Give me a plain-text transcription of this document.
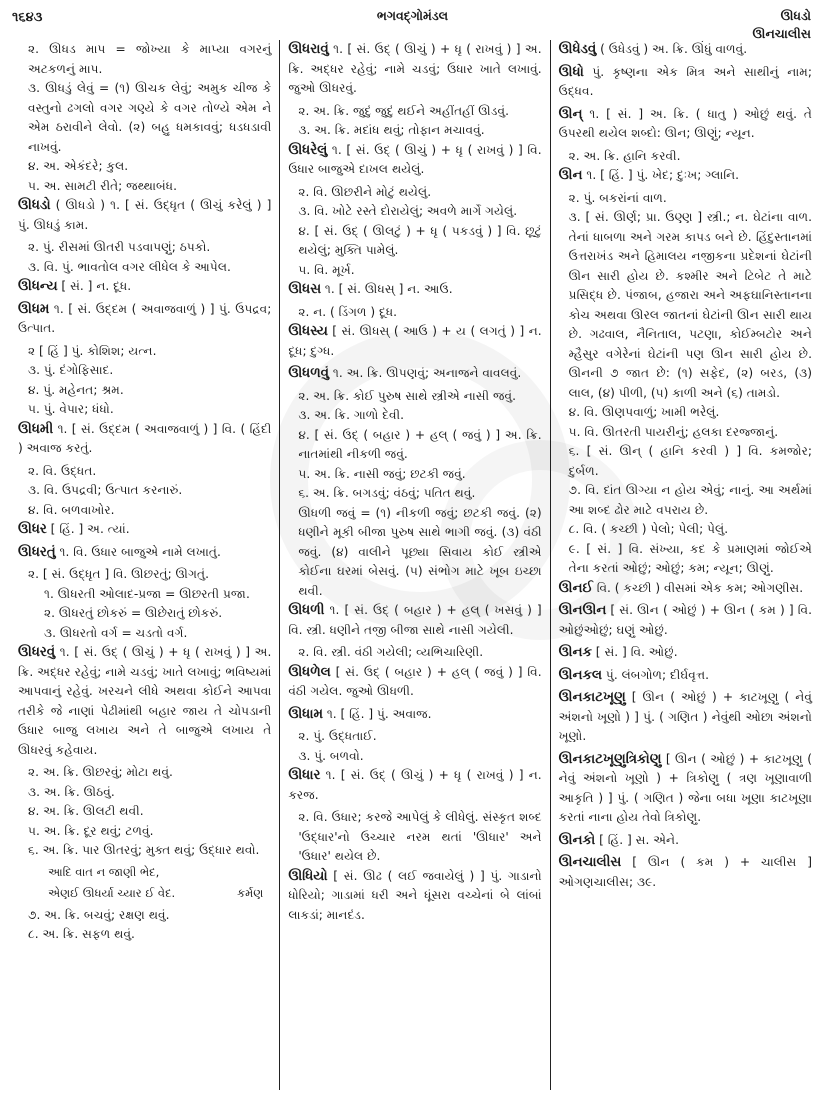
૧૬૪૩	ભગવદ્ગોમંડલ	ઊધડો
ઊનચાલીસ

૨. ઊધડ માપ = જોખ્યા કે માપ્યા વગરનું અટકળનું માપ.

૩. ઊધડું લેવું = (૧) ઊચક લેવું; અમુક ચીજ કે વસ્તુનો ઢગલો વગર ગણ્યે કે વગર તોળ્યે એમ ને એમ ઠરાવીને લેવો. (૨) બહુ ધમકાવવું; ધડધડાવી નાખવું.

૪. અ. એકંદરે; કુલ.

૫. અ. સામટી રીતે; જથ્થાબંધ.

ઊધડો ( ઊધડો ) ૧. [ સં. ઉદ્ધૃત ( ઊચું કરેલું ) ] પું. ઊધડું કામ.

૨. પું. રીસમાં ઊતરી પડવાપણું; ઠપકો.

૩. વિ. પું. ભાવતોલ વગર લીધેલ કે આપેલ.

ઊધન્ય [ સં. ] ન. દૂધ.

ઊધમ ૧. [ સં. ઉદ્દમ ( અવાજવાળું ) ] પું. ઉપદ્રવ; ઉત્પાત.

૨ [ હિં ] પું. કોશિશ; યત્ન.

૩. પું. દંગોફિસાદ.

૪. પું. મહેનત; શ્રમ.

૫. પું. વેપાર; ધંધો.

ઊધમી ૧. [ સં. ઉદ્દમ ( અવાજવાળું ) ] વિ. ( હિંદી ) અવાજ કરતું.

૨. વિ. ઉદ્ધત.

૩. વિ. ઉપદ્રવી; ઉત્પાત કરનારું.

૪. વિ. બળવાખોર.

ઊધર [ હિં. ] અ. ત્યાં.

ઊધરતું ૧. વિ. ઉધાર બાજુએ નામે લખાતું.

૨. [ સં. ઉદ્ધૃત ] વિ. ઊછરતું; ઊગતું.

૧. ઊધરતી ઓલાદ-પ્રજા = ઊછરતી પ્રજા.

૨. ઊધરતું છોકરું = ઊછેરાતું છોકરું.

૩. ઊધરતો વર્ગ = ચડતો વર્ગ.

ઊધરવું ૧. [ સં. ઉદ્ ( ઊચું ) + ધૃ ( રાખવું ) ] અ. ક્રિ. અદ્ધર રહેવું; નામે ચડવું; ખાતે લખાવું; ભવિષ્યમાં આપવાનું રહેવું. ખરચને લીધે અથવા કોઈને આપવા તરીકે જે નાણાં પેઢીમાંથી બહાર જાય તે ચોપડાની ઉધાર બાજુ લખાય અને તે બાજુએ લખાય તે ઊધરવું કહેવાય.

૨. અ. ક્રિ. ઊછરવું; મોટા થવું.

૩. અ. ક્રિ. ઊઠવું.

૪. અ. ક્રિ. ઊલટી થવી.

૫. અ. ક્રિ. દૂર થવું; ટળવું.

૬. અ. ક્રિ. પાર ઊતરવું; મુક્ત થવું; ઉદ્ધાર થવો.

આદિ વાત ન જાણી ભેદ,

એણઈ ઊધર્યા ચ્યાર ઈ વેદ.	કર્મણ

૭. અ. ક્રિ. બચવું; રક્ષણ થવું.

૮. અ. ક્રિ. સફળ થવું.

ઊધરાવું ૧. [ સં. ઉદ્ ( ઊચું ) + ધૃ ( રાખવું ) ] અ. ક્રિ. અદ્ધર રહેવું; નામે ચડવું; ઉધાર ખાતે લખાવું. જુઓ ઊધરવું.

૨. અ. ક્રિ. જુદું જુદું થઈને અહીંતહીં ઊડવું.

૩. અ. ક્રિ. મદાંધ થવું; તોફાન મચાવવું.

ઊધરેલું ૧. [ સં. ઉદ્ ( ઊચું ) + ધૃ ( રાખવું ) ] વિ. ઉધાર બાજુએ દાખલ થયેલું.

૨. વિ. ઊછરીને મોટું થયેલું.

૩. વિ. ખોટે રસ્તે દોરાયેલું; અવળે માર્ગે ગયેલું.

૪. [ સં. ઉદ્ ( ઊલટું ) + ધૃ ( પકડવું ) ] વિ. છૂટું થયેલું; મુક્તિ પામેલું.

૫. વિ. મૂર્ખ.

ઊધસ ૧. [ સં. ઊધસ્ ] ન. આઉ.

૨. ન. ( ડિંગળ ) દૂધ.

ઊધસ્ય [ સં. ઊધસ્ ( આઉ ) + ય ( લગતું ) ] ન. દૂધ; દુગ્ધ.

ઊધળવું ૧. અ. ક્રિ. ઊપણવું; અનાજને વાવલવું.

૨. અ. ક્રિ. કોઈ પુરુષ સાથે સ્ત્રીએ નાસી જવું.

૩. અ. ક્રિ. ગાળો દેવી.

૪. [ સં. ઉદ્ ( બહાર ) + હલ્ ( જવું ) ] અ. ક્રિ. નાતમાંથી નીકળી જવું.

૫. અ. ક્રિ. નાસી જવું; છટકી જવું.

૬. અ. ક્રિ. બગડવું; વંઠવું; પતિત થવું.

ઊધળી જવું = (૧) નીકળી જવું; છટકી જવું. (૨) ધણીને મૂકી બીજા પુરુષ સાથે ભાગી જવું. (૩) વંઠી જવું. (૪) વાલીને પૂછ્યા સિવાય કોઈ સ્ત્રીએ કોઈના ઘરમાં બેસવું. (૫) સંભોગ માટે ખૂબ ઇચ્છા થવી.

ઊધળી ૧. [ સં. ઉદ્ ( બહાર ) + હલ્ ( ખસવું ) ] વિ. સ્ત્રી. ધણીને તજી બીજા સાથે નાસી ગયેલી.

૨. વિ. સ્ત્રી. વંઠી ગયેલી; વ્યભિચારિણી.

ઊધળેલ [ સં. ઉદ્ ( બહાર ) + હલ્ ( જવું ) ] વિ. વંઠી ગયેલ. જુઓ ઊધળી.

ઊધામ ૧. [ હિં. ] પું. અવાજ.

૨. પું. ઉદ્ધતાઈ.

૩. પું. બળવો.

ઊધાર ૧. [ સં. ઉદ્ ( ઊચું ) + ધૃ ( રાખવું ) ] ન. કરજ.

૨. વિ. ઉધાર; કરજે આપેલું કે લીધેલું. સંસ્કૃત શબ્દ 'ઉદ્ધાર'નો ઉચ્ચાર નરમ થતાં 'ઊધાર' અને 'ઉધાર' થયેલ છે.

ઊધિયો [ સં. ઊઢ ( લઈ જવાયેલું ) ] પું. ગાડાનો ધોરિયો; ગાડામાં ધરી અને ધૂંસરા વચ્ચેનાં બે લાંબાં લાકડાં; માનદંડ.

ઊધેડવું ( ઉધેડવું ) અ. ક્રિ. ઊંધું વાળવું.

ઊધો પું. કૃષ્ણના એક મિત્ર અને સાથીનું નામ; ઉદ્ધવ.

ઊન્ ૧. [ સં. ] અ. ક્રિ. ( ધાતુ ) ઓછું થવું. તે ઉપરથી થયેલ શબ્દો: ઊન; ઊણું; ન્યૂન.

૨. અ. ક્રિ. હાનિ કરવી.

ઊન ૧. [ હિં. ] પું. ખેદ; દુઃખ; ગ્લાનિ.

૨. પું. બકરાંનાં વાળ.

૩. [ સં. ઊર્ણ; પ્રા. ઉણ્ણ ] સ્ત્રી.; ન. ઘેટાંના વાળ. તેનાં ધાબળા અને ગરમ કાપડ બને છે. હિંદુસ્તાનમાં ઉત્તરાખંડ અને હિમાલય નજીકના પ્રદેશનાં ઘેટાંની ઊન સારી હોય છે. કશ્મીર અને ટિબેટ તે માટે પ્રસિદ્ધ છે. પંજાબ, હજારા અને અફઘાનિસ્તાનના કોચ અથવા ઊરલ જાતનાં ઘેટાંની ઊન સારી થાય છે. ગઢવાલ, નૈનિતાલ, પટણા, કોઈમ્બટોર અને મ્હૈસુર વગેરેનાં ઘેટાંની પણ ઊન સારી હોય છે. ઊનની ૭ જાત છે: (૧) સફેદ, (૨) બરડ, (૩) લાલ, (૪) પીળી, (૫) કાળી અને (૬) તામડો.

૪. વિ. ઊણપવાળું; ખામી ભરેલું.

૫. વિ. ઊતરતી પાયરીનું; હલકા દરજ્જાનું.

૬. [ સં. ઊન્ ( હાનિ કરવી ) ] વિ. કમજોર; દુર્બળ.

૭. વિ. દાંત ઊગ્યા ન હોય એવું; નાનું. આ અર્થમાં આ શબ્દ ઢોર માટે વપરાય છે.

૮. વિ. ( કચ્છી ) પેલો; પેલી; પેલું.

૯. [ સં. ] વિ. સંખ્યા, કદ કે પ્રમાણમાં જોઈએ તેના કરતાં ઓછું; ઓછું; કમ; ન્યૂન; ઊણું.

ઊનઈ વિ. ( કચ્છી ) વીસમાં એક કમ; ઓગણીસ.

ઊનઊન [ સં. ઊન ( ઓછું ) + ઊન ( કમ ) ] વિ. ઓછુંઓછું; ઘણું ઓછું.

ઊનક [ સં. ] વિ. ઓછું.

ઊનકલ પું. લંબગોળ; દીર્ઘવૃત્ત.

ઊનકાટખૂણુ [ ઊન ( ઓછું ) + કાટખૂણુ ( નેવું અંશનો ખૂણો ) ] પું. ( ગણિત ) નેવુંથી ઓછા અંશનો ખૂણો.

ઊનકાટખૂણુત્રિકોણુ [ ઊન ( ઓછું ) + કાટખૂણુ ( નેવું અંશનો ખૂણો ) + ત્રિકોણુ ( ત્રણ ખૂણાવાળી આકૃતિ ) ] પું. ( ગણિત ) જેના બધા ખૂણા કાટખૂણા કરતાં નાના હોય તેવો ત્રિકોણુ.

ઊનકો [ હિં. ] સ. એને.

ઊનચાલીસ [ ઊન ( કમ ) + ચાલીસ ] ઓગણચાલીસ; ૩૯.
